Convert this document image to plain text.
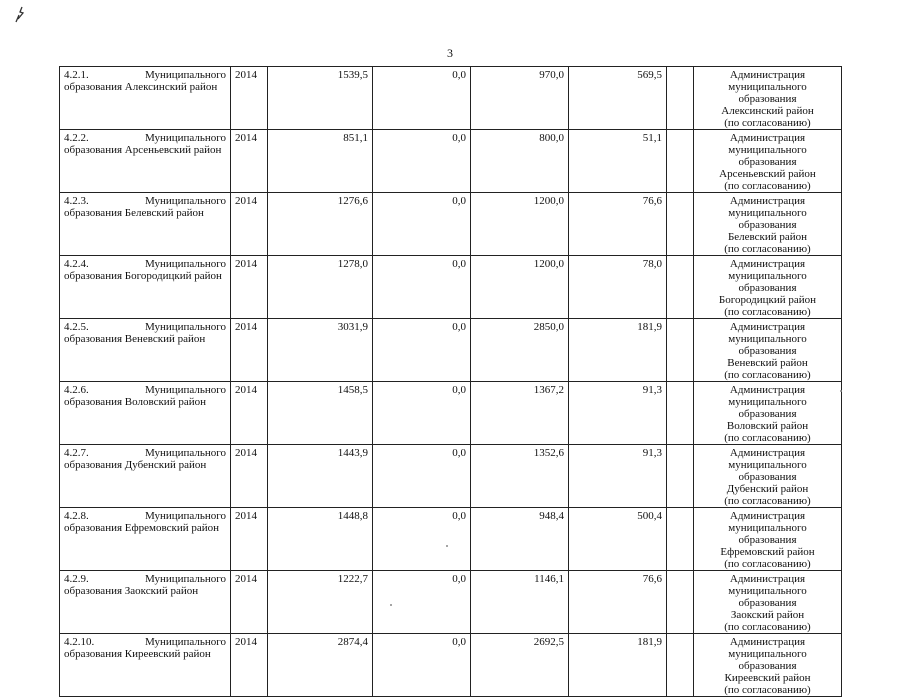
3
4.2.1. Муниципального образования Алексинский район	2014	1539,5	0,0	970,0	569,5		Администрация
муниципального образования
Алексинский район
(по согласованию)

4.2.2. Муниципального образования Арсеньевский район	2014	851,1	0,0	800,0	51,1		Администрация
муниципального образования
Арсеньевский район
(по согласованию)

4.2.3. Муниципального образования Белевский район	2014	1276,6	0,0	1200,0	76,6		Администрация
муниципального образования
Белевский район
(по согласованию)

4.2.4. Муниципального образования Богородицкий район	2014	1278,0	0,0	1200,0	78,0		Администрация
муниципального образования
Богородицкий район
(по согласованию)

4.2.5. Муниципального образования Веневский район	2014	3031,9	0,0	2850,0	181,9		Администрация
муниципального образования
Веневский район
(по согласованию)

4.2.6. Муниципального образования Воловский район	2014	1458,5	0,0	1367,2	91,3		Администрация
муниципального образования
Воловский район
(по согласованию)

4.2.7. Муниципального образования Дубенский район	2014	1443,9	0,0	1352,6	91,3		Администрация
муниципального образования
Дубенский район
(по согласованию)

4.2.8. Муниципального образования Ефремовский район	2014	1448,8	0,0	948,4	500,4		Администрация
муниципального образования
Ефремовский район
(по согласованию)

4.2.9. Муниципального образования Заокский район	2014	1222,7	0,0	1146,1	76,6		Администрация
муниципального образования
Заокский район
(по согласованию)

4.2.10. Муниципального образования Киреевский район	2014	2874,4	0,0	2692,5	181,9		Администрация
муниципального образования
Киреевский район
(по согласованию)
